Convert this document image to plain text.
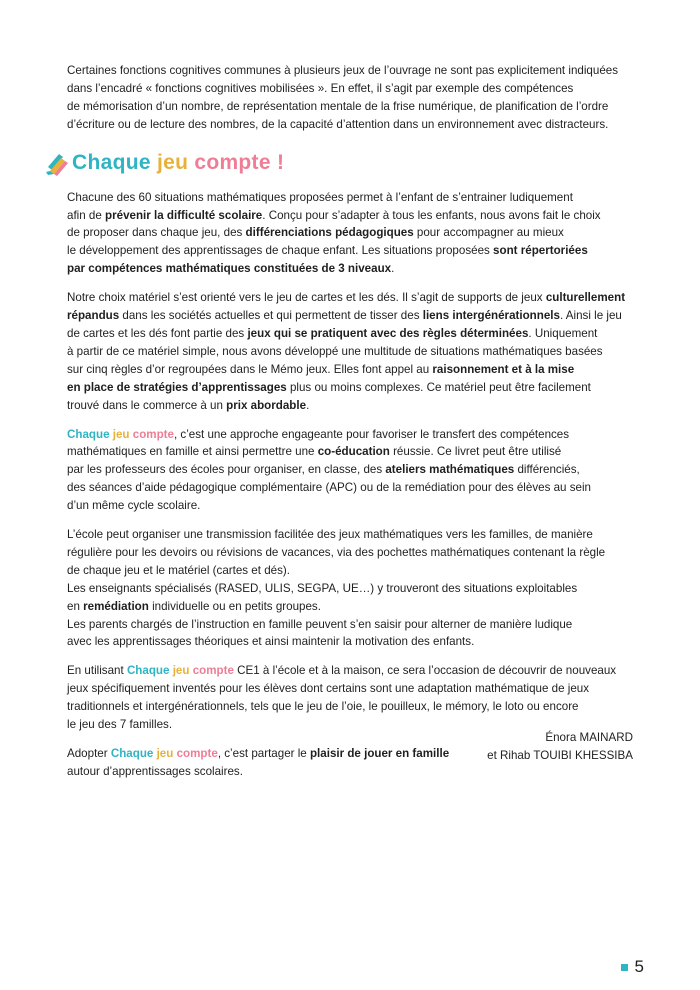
Certaines fonctions cognitives communes à plusieurs jeux de l’ouvrage ne sont pas explicitement indiquées
dans l’encadré « fonctions cognitives mobilisées ». En effet, il s’agit par exemple des compétences
de mémorisation d’un nombre, de représentation mentale de la frise numérique, de planification de l’ordre
d’écriture ou de lecture des nombres, de la capacité d’attention dans un environnement avec distracteurs.

Chaque jeu compte !

Chacune des 60 situations mathématiques proposées permet à l’enfant de s’entrainer ludiquement
afin de prévenir la difficulté scolaire. Conçu pour s’adapter à tous les enfants, nous avons fait le choix
de proposer dans chaque jeu, des différenciations pédagogiques pour accompagner au mieux
le développement des apprentissages de chaque enfant. Les situations proposées sont répertoriées
par compétences mathématiques constituées de 3 niveaux.

Notre choix matériel s’est orienté vers le jeu de cartes et les dés. Il s’agit de supports de jeux culturellement
répandus dans les sociétés actuelles et qui permettent de tisser des liens intergénérationnels. Ainsi le jeu
de cartes et les dés font partie des jeux qui se pratiquent avec des règles déterminées. Uniquement
à partir de ce matériel simple, nous avons développé une multitude de situations mathématiques basées
sur cinq règles d’or regroupées dans le Mémo jeux. Elles font appel au raisonnement et à la mise
en place de stratégies d’apprentissages plus ou moins complexes. Ce matériel peut être facilement
trouvé dans le commerce à un prix abordable.

Chaque jeu compte, c’est une approche engageante pour favoriser le transfert des compétences
mathématiques en famille et ainsi permettre une co-éducation réussie. Ce livret peut être utilisé
par les professeurs des écoles pour organiser, en classe, des ateliers mathématiques différenciés,
des séances d’aide pédagogique complémentaire (APC) ou de la remédiation pour des élèves au sein
d’un même cycle scolaire.

L’école peut organiser une transmission facilitée des jeux mathématiques vers les familles, de manière
régulière pour les devoirs ou révisions de vacances, via des pochettes mathématiques contenant la règle
de chaque jeu et le matériel (cartes et dés).
Les enseignants spécialisés (RASED, ULIS, SEGPA, UE…) y trouveront des situations exploitables
en remédiation individuelle ou en petits groupes.
Les parents chargés de l’instruction en famille peuvent s’en saisir pour alterner de manière ludique
avec les apprentissages théoriques et ainsi maintenir la motivation des enfants.

En utilisant Chaque jeu compte CE1 à l’école et à la maison, ce sera l’occasion de découvrir de nouveaux
jeux spécifiquement inventés pour les élèves dont certains sont une adaptation mathématique de jeux
traditionnels et intergénérationnels, tels que le jeu de l’oie, le pouilleux, le mémory, le loto ou encore
le jeu des 7 familles.

Adopter Chaque jeu compte, c’est partager le plaisir de jouer en famille
autour d’apprentissages scolaires.

Énora MAINARD
et Rihab TOUIBI KHESSIBA
5
